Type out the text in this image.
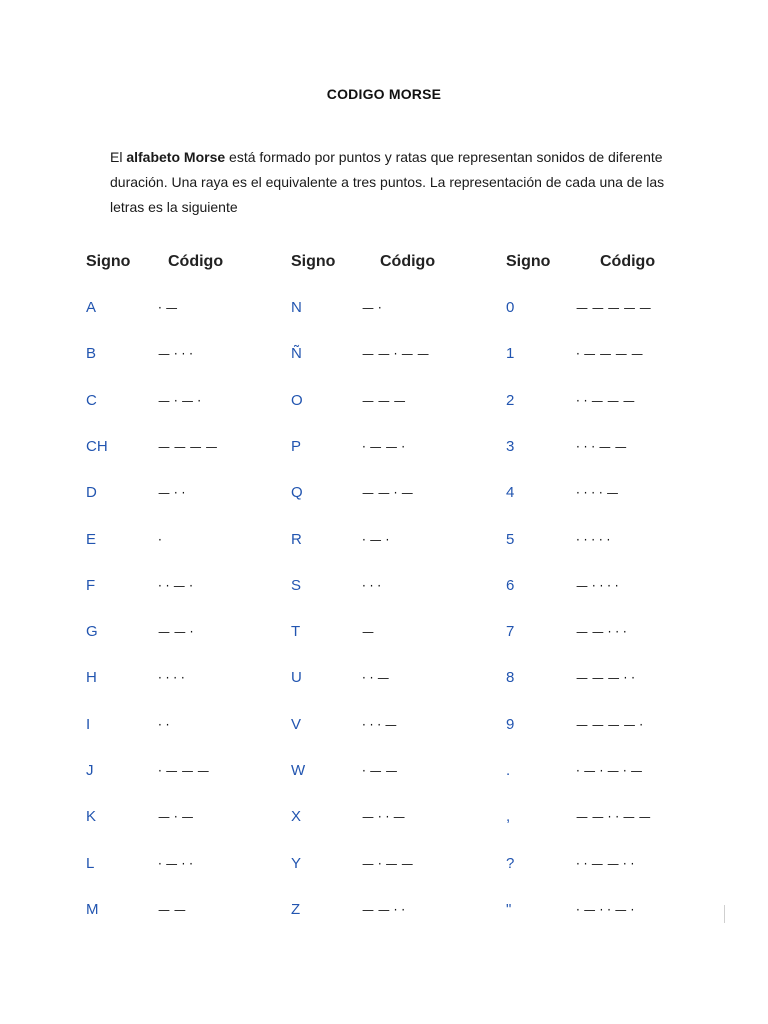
CODIGO MORSE
El alfabeto Morse está formado por puntos y ratas que representan sonidos de diferente duración. Una raya es el equivalente a tres puntos. La representación de cada una de las letras es la siguiente
Signo Código
A	· —
B	— · · ·
C	— · — ·
CH	— — — —
D	— · ·
E	·
F	· · — ·
G	— — ·
H	· · · ·
I	· ·
J	· — — —
K	— · —
L	· — · ·
M	— —
Signo	Código
N	— ·
Ñ	— — · — —
O	— — —
P	· — — ·
Q	— — · —
R	· — ·
S	· · ·
T	—
U	· · —
V	· · · —
W	· — —
X	— · · —
Y	— · — —
Z	— — · ·
Signo	Código
0	— — — — —
1	· — — — —
2	· · — — —
3	· · · — —
4	· · · · —
5	· · · · ·
6	— · · · ·
7	— — · · ·
8	— — — · ·
9	— — — — ·
.	· — · — · —
,	— — · · — —
?	· · — — · ·
"	· — · · — ·
